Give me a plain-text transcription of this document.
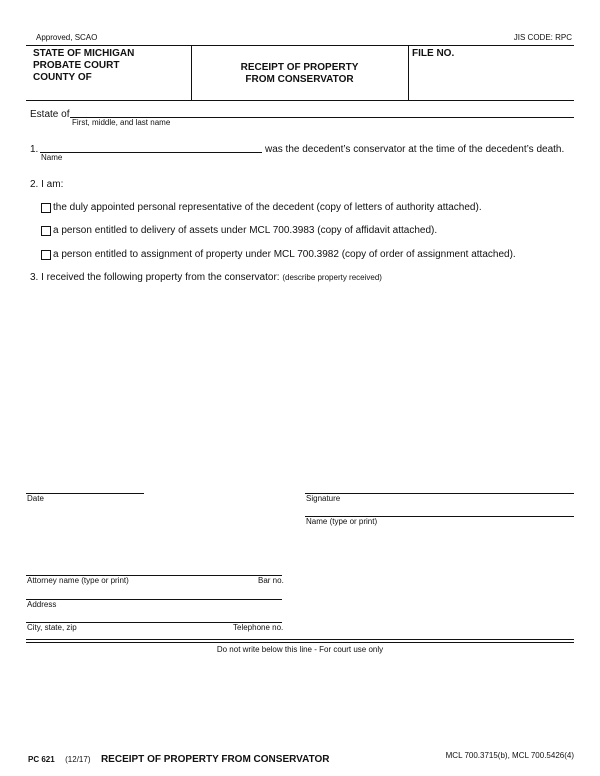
Approved, SCAO	JIS CODE: RPC
STATE OF MICHIGAN
PROBATE COURT
COUNTY OF
RECEIPT OF PROPERTY
FROM CONSERVATOR
FILE NO.
Estate of
First, middle, and last name
1.
Name
was the decedent’s conservator at the time of the decedent’s death.
2. I am:
the duly appointed personal representative of the decedent (copy of letters of authority attached).
a person entitled to delivery of assets under MCL 700.3983 (copy of affidavit attached).
a person entitled to assignment of property under MCL 700.3982 (copy of order of assignment attached).
3. I received the following property from the conservator: (describe property received)
Date	Signature
Name (type or print)
Attorney name (type or print)	Bar no.
Address
City, state, zip	Telephone no.
Do not write below this line - For court use only
PC 621 (12/17) RECEIPT OF PROPERTY FROM CONSERVATOR	MCL 700.3715(b), MCL 700.5426(4)
